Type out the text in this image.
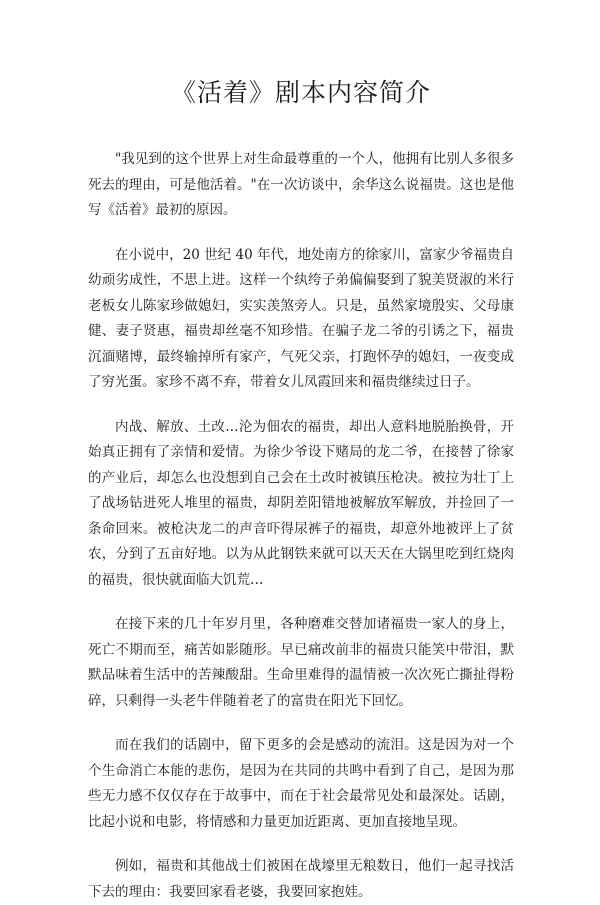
《活着》剧本内容简介

"我见到的这个世界上对生命最尊重的一个人，他拥有比别人多很多死去的理由，可是他活着。"在一次访谈中，余华这么说福贵。这也是他写《活着》最初的原因。

在小说中，20 世纪 40 年代，地处南方的徐家川，富家少爷福贵自幼顽劣成性，不思上进。这样一个纨绔子弟偏偏娶到了貌美贤淑的米行老板女儿陈家珍做媳妇，实实羡煞旁人。只是，虽然家境殷实、父母康健、妻子贤惠，福贵却丝毫不知珍惜。在骗子龙二爷的引诱之下，福贵沉湎赌博，最终输掉所有家产，气死父亲，打跑怀孕的媳妇，一夜变成了穷光蛋。家珍不离不弃，带着女儿凤霞回来和福贵继续过日子。

内战、解放、土改…沦为佃农的福贵，却出人意料地脱胎换骨，开始真正拥有了亲情和爱情。为徐少爷设下赌局的龙二爷，在接替了徐家的产业后，却怎么也没想到自己会在土改时被镇压枪决。被拉为壮丁上了战场钻进死人堆里的福贵，却阴差阳错地被解放军解放，并捡回了一条命回来。被枪决龙二的声音吓得尿裤子的福贵，却意外地被评上了贫农，分到了五亩好地。以为从此钢铁来就可以天天在大锅里吃到红烧肉的福贵，很快就面临大饥荒…

在接下来的几十年岁月里，各种磨难交替加诸福贵一家人的身上，死亡不期而至，痛苦如影随形。早已痛改前非的福贵只能笑中带泪，默默品味着生活中的苦辣酸甜。生命里难得的温情被一次次死亡撕扯得粉碎，只剩得一头老牛伴随着老了的富贵在阳光下回忆。

而在我们的话剧中，留下更多的会是感动的流泪。这是因为对一个个生命消亡本能的悲伤，是因为在共同的共鸣中看到了自己，是因为那些无力感不仅仅存在于故事中，而在于社会最常见处和最深处。话剧，比起小说和电影，将情感和力量更加近距离、更加直接地呈现。

例如，福贵和其他战士们被困在战壕里无粮数日，他们一起寻找活下去的理由：我要回家看老婆，我要回家抱娃。
